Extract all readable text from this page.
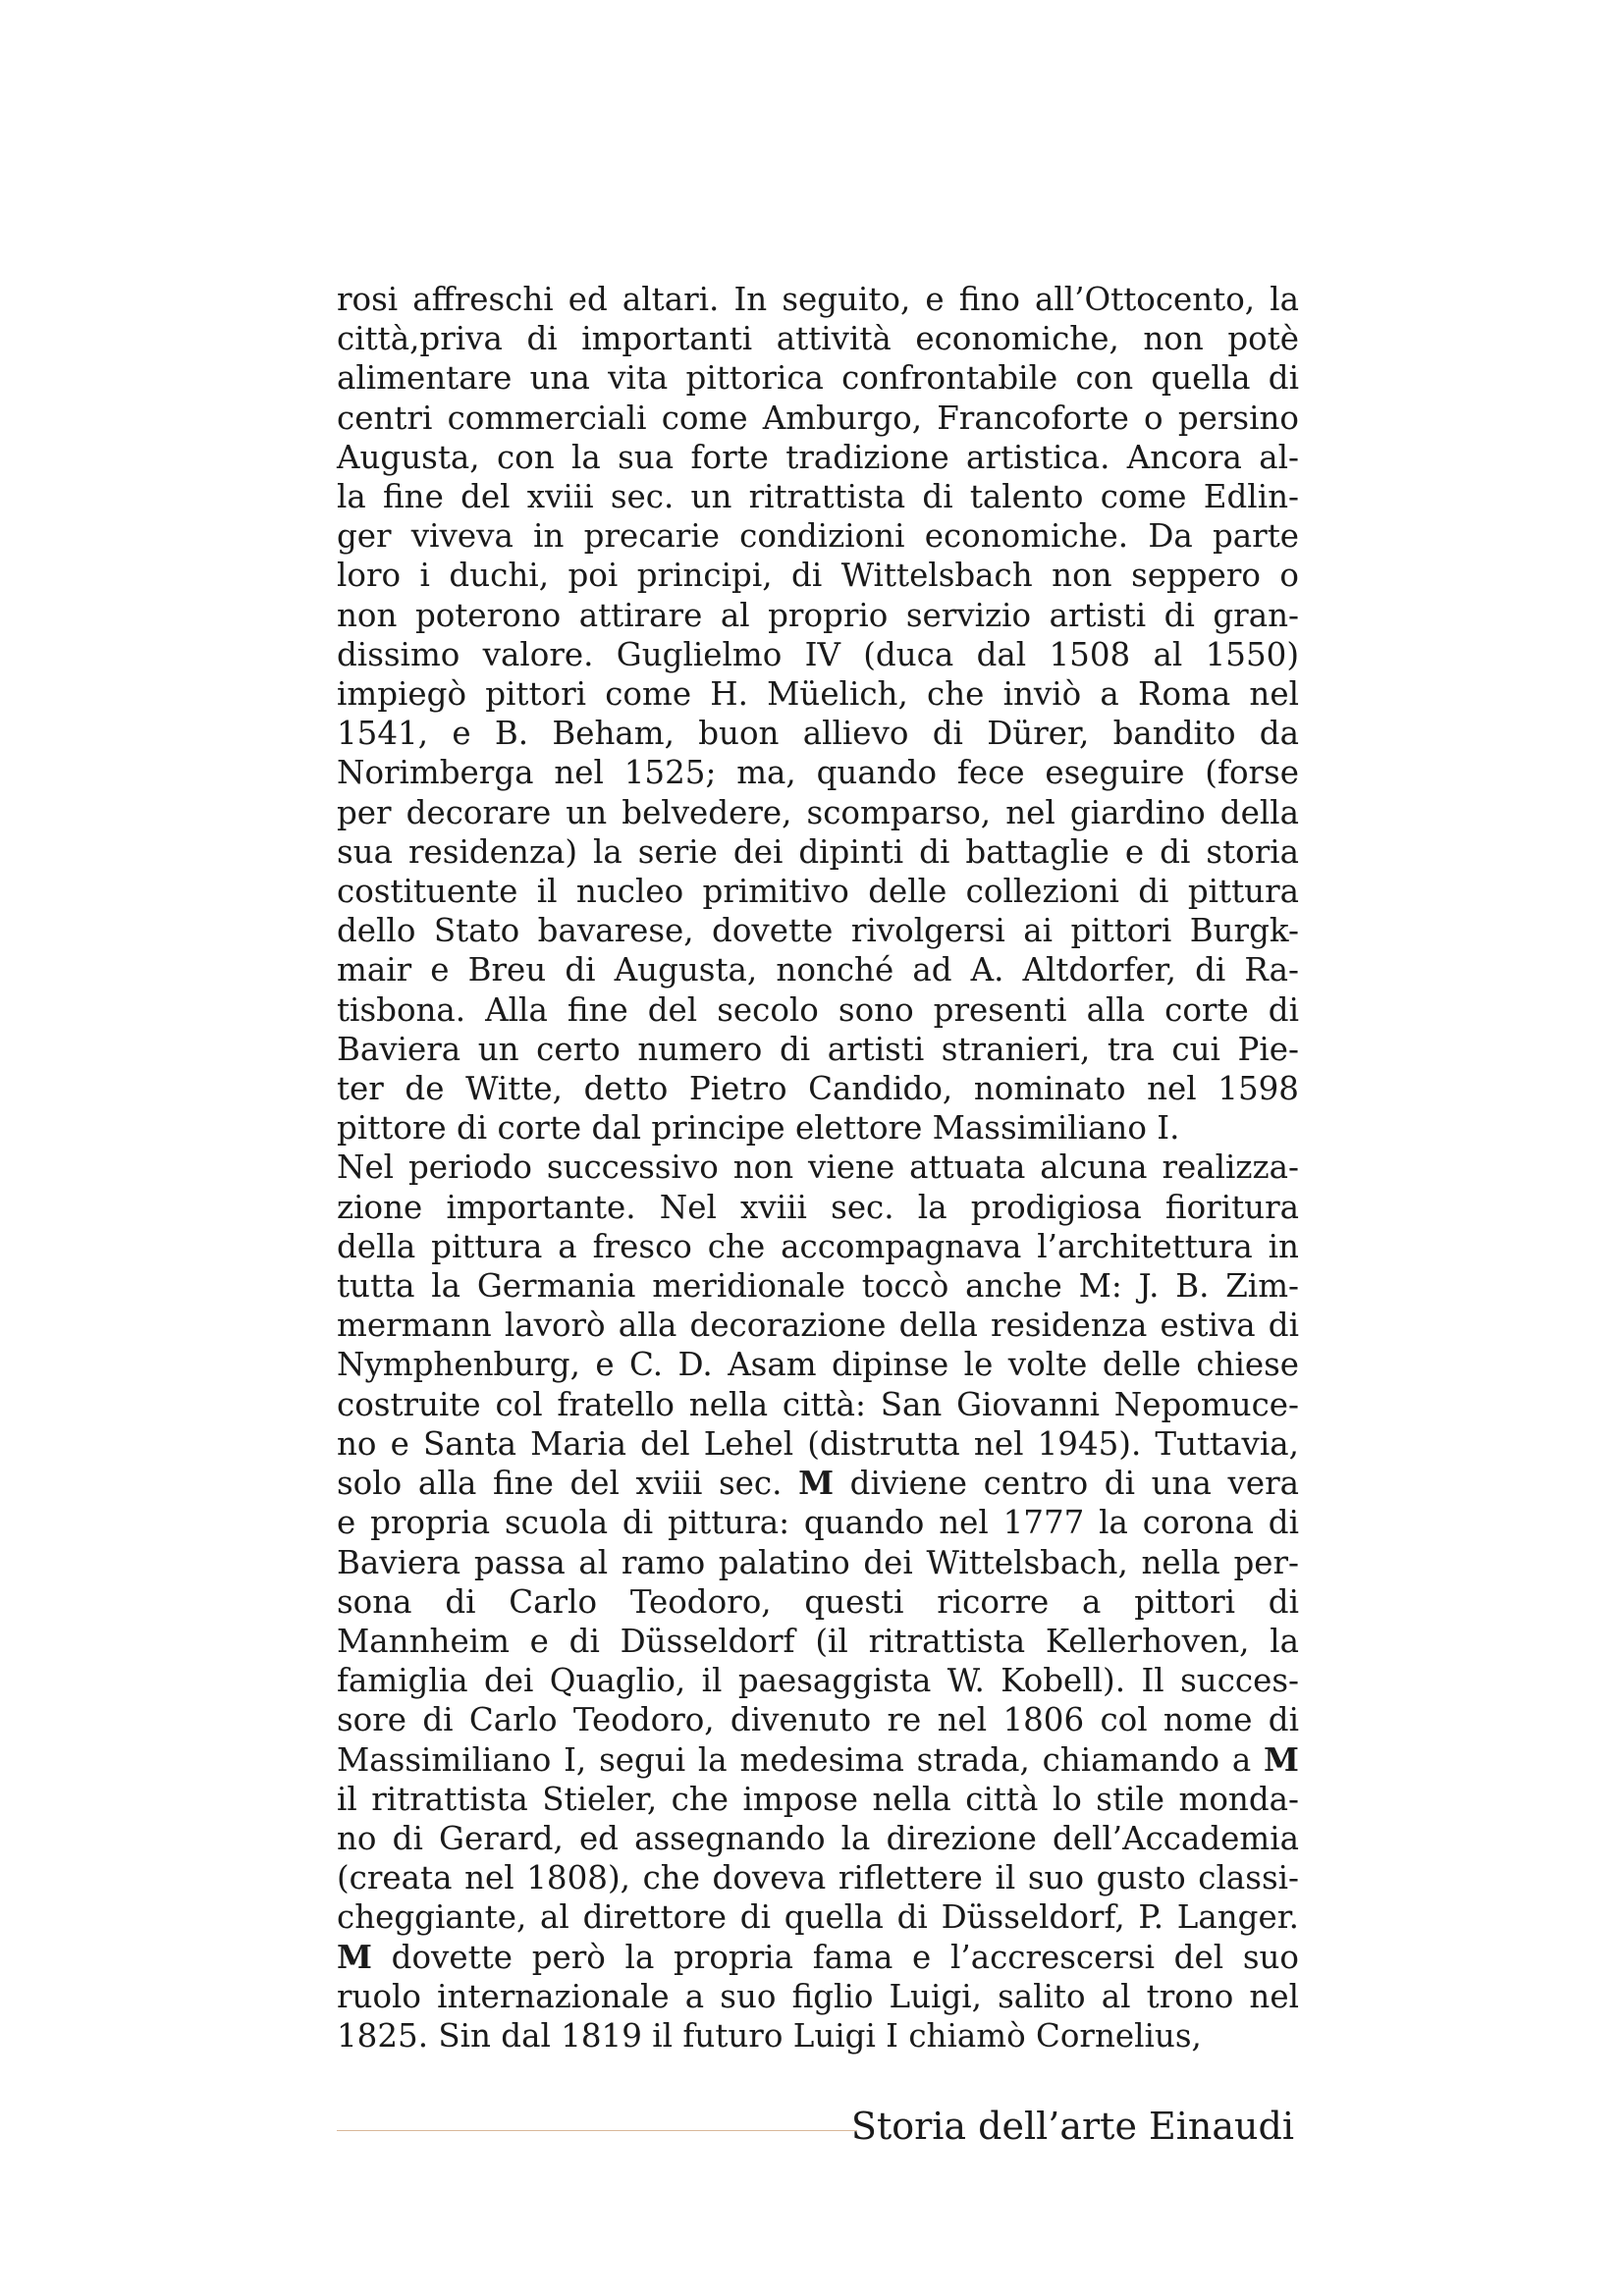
rosi affreschi ed altari. In seguito, e fino all’Ottocento, la
città,priva di importanti attività economiche, non potè
alimentare una vita pittorica confrontabile con quella di
centri commerciali come Amburgo, Francoforte o persino
Augusta, con la sua forte tradizione artistica. Ancora al-
la fine del xviii sec. un ritrattista di talento come Edlin-
ger viveva in precarie condizioni economiche. Da parte
loro i duchi, poi principi, di Wittelsbach non seppero o
non poterono attirare al proprio servizio artisti di gran-
dissimo valore. Guglielmo IV (duca dal 1508 al 1550)
impiegò pittori come H. Müelich, che inviò a Roma nel
1541, e B. Beham, buon allievo di Dürer, bandito da
Norimberga nel 1525; ma, quando fece eseguire (forse
per decorare un belvedere, scomparso, nel giardino della
sua residenza) la serie dei dipinti di battaglie e di storia
costituente il nucleo primitivo delle collezioni di pittura
dello Stato bavarese, dovette rivolgersi ai pittori Burgk-
mair e Breu di Augusta, nonché ad A. Altdorfer, di Ra-
tisbona. Alla fine del secolo sono presenti alla corte di
Baviera un certo numero di artisti stranieri, tra cui Pie-
ter de Witte, detto Pietro Candido, nominato nel 1598
pittore di corte dal principe elettore Massimiliano I.
Nel periodo successivo non viene attuata alcuna realizza-
zione importante. Nel xviii sec. la prodigiosa fioritura
della pittura a fresco che accompagnava l’architettura in
tutta la Germania meridionale toccò anche M: J. B. Zim-
mermann lavorò alla decorazione della residenza estiva di
Nymphenburg, e C. D. Asam dipinse le volte delle chiese
costruite col fratello nella città: San Giovanni Nepomuce-
no e Santa Maria del Lehel (distrutta nel 1945). Tuttavia,
solo alla fine del xviii sec. M diviene centro di una vera
e propria scuola di pittura: quando nel 1777 la corona di
Baviera passa al ramo palatino dei Wittelsbach, nella per-
sona di Carlo Teodoro, questi ricorre a pittori di
Mannheim e di Düsseldorf (il ritrattista Kellerhoven, la
famiglia dei Quaglio, il paesaggista W. Kobell). Il succes-
sore di Carlo Teodoro, divenuto re nel 1806 col nome di
Massimiliano I, segui la medesima strada, chiamando a M
il ritrattista Stieler, che impose nella città lo stile monda-
no di Gerard, ed assegnando la direzione dell’Accademia
(creata nel 1808), che doveva riflettere il suo gusto classi-
cheggiante, al direttore di quella di Düsseldorf, P. Langer.
M dovette però la propria fama e l’accrescersi del suo
ruolo internazionale a suo figlio Luigi, salito al trono nel
1825. Sin dal 1819 il futuro Luigi I chiamò Cornelius,
Storia dell’arte Einaudi
